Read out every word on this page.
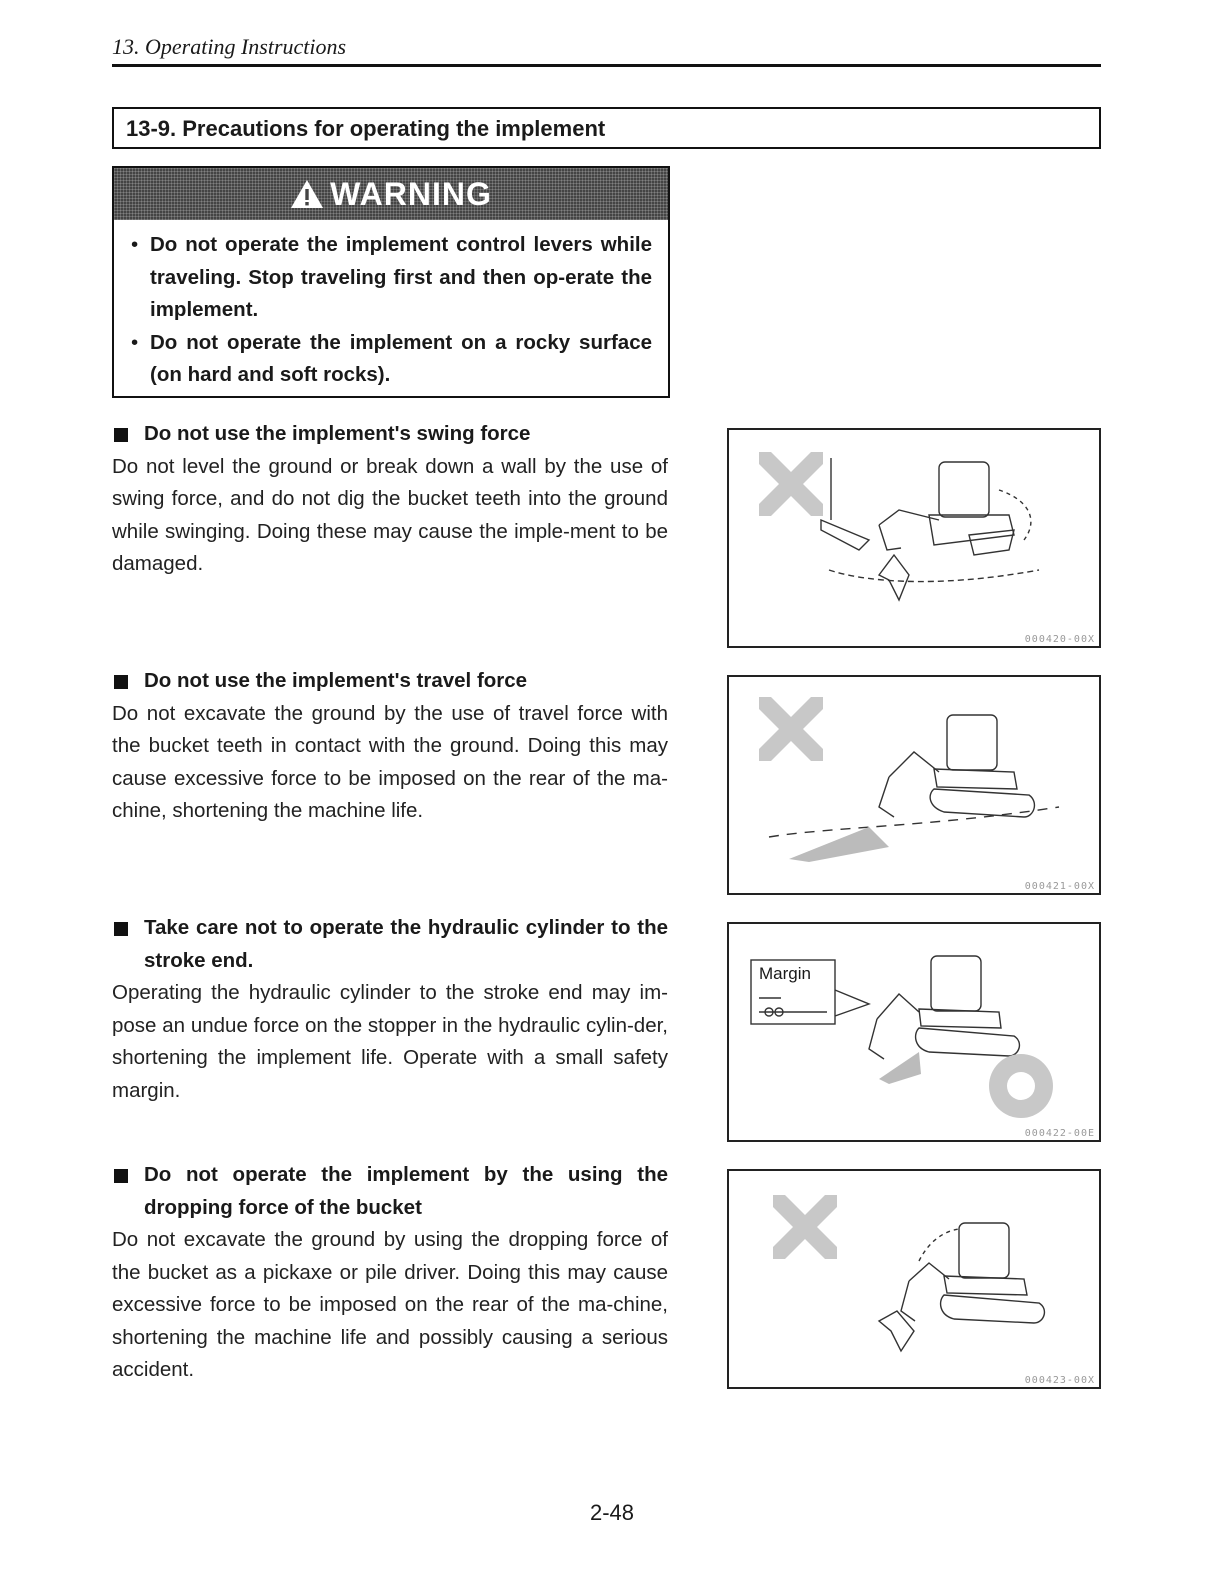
13. Operating Instructions
13-9. Precautions for operating the implement
WARNING
• Do not operate the implement control levers while traveling. Stop traveling first and then op-erate the implement.
• Do not operate the implement on a rocky surface (on hard and soft rocks).
Do not use the implement's swing force
Do not level the ground or break down a wall by the use of swing force, and do not dig the bucket teeth into the ground while swinging. Doing these may cause the imple-ment to be damaged.
000420-00X
Do not use the implement's travel force
Do not excavate the ground by the use of travel force with the bucket teeth in contact with the ground. Doing this may cause excessive force to be imposed on the rear of the ma-chine, shortening the machine life.
000421-00X
Take care not to operate the hydraulic cylinder to the stroke end.
Operating the hydraulic cylinder to the stroke end may im-pose an undue force on the stopper in the hydraulic cylin-der, shortening the implement life. Operate with a small safety margin.
Margin
000422-00E
Do not operate the implement by the using the dropping force of the bucket
Do not excavate the ground by using the dropping force of the bucket as a pickaxe or pile driver. Doing this may cause excessive force to be imposed on the rear of the ma-chine, shortening the machine life and possibly causing a serious accident.	000423-00X
2-48
